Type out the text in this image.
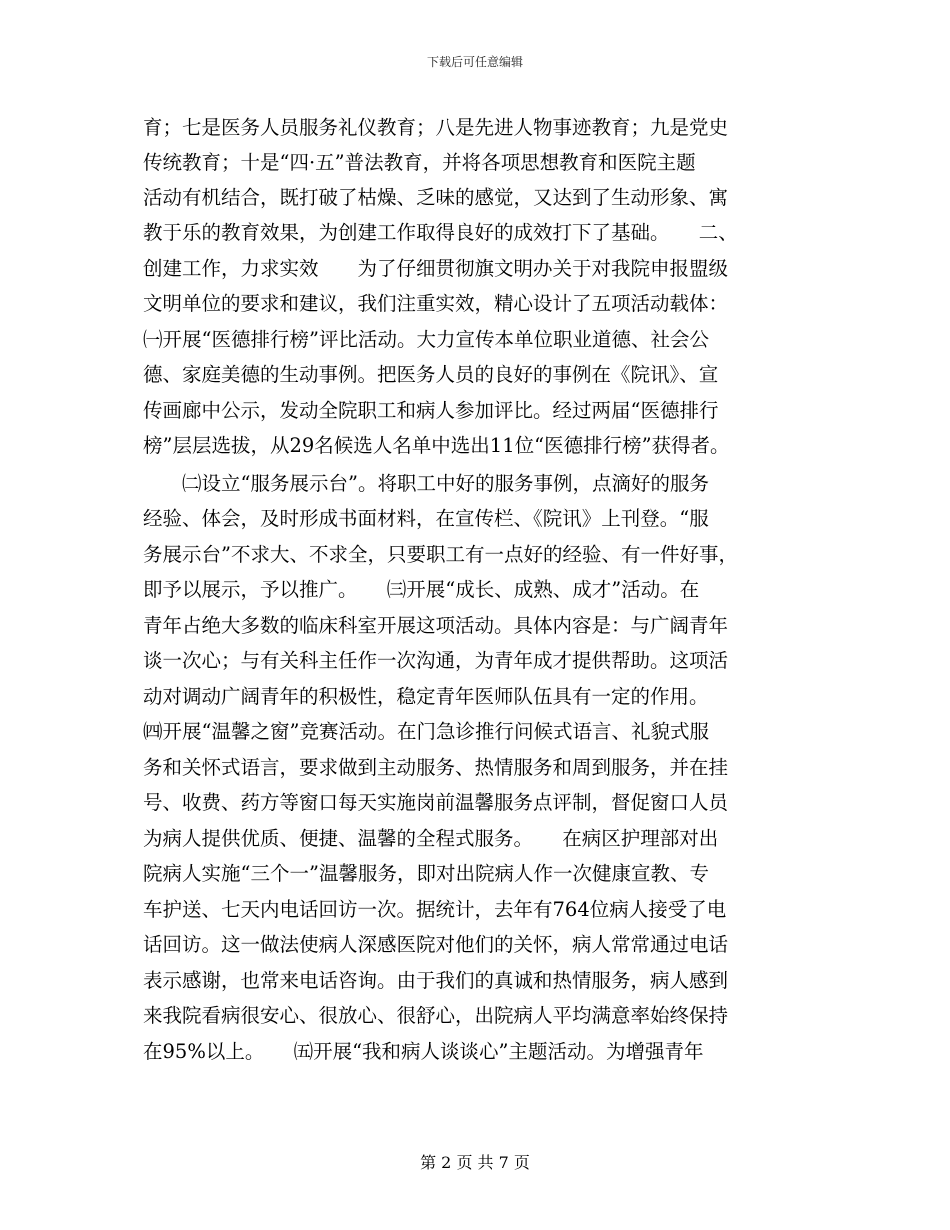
下载后可任意编辑
育；七是医务人员服务礼仪教育；八是先进人物事迹教育；九是党史
传统教育；十是“四·五”普法教育，并将各项思想教育和医院主题
活动有机结合，既打破了枯燥、乏味的感觉，又达到了生动形象、寓
教于乐的教育效果，为创建工作取得良好的成效打下了基础。　　二、
创建工作，力求实效　　为了仔细贯彻旗文明办关于对我院申报盟级
文明单位的要求和建议，我们注重实效，精心设计了五项活动载体：
㈠开展“医德排行榜”评比活动。大力宣传本单位职业道德、社会公
德、家庭美德的生动事例。把医务人员的良好的事例在《院讯》、宣
传画廊中公示，发动全院职工和病人参加评比。经过两届“医德排行
榜”层层选拔，从29名候选人名单中选出11位“医德排行榜”获得者。
　　㈡设立“服务展示台”。将职工中好的服务事例，点滴好的服务
经验、体会，及时形成书面材料，在宣传栏、《院讯》上刊登。“服
务展示台”不求大、不求全，只要职工有一点好的经验、有一件好事，
即予以展示，予以推广。　　㈢开展“成长、成熟、成才”活动。在
青年占绝大多数的临床科室开展这项活动。具体内容是：与广阔青年
谈一次心；与有关科主任作一次沟通，为青年成才提供帮助。这项活
动对调动广阔青年的积极性，稳定青年医师队伍具有一定的作用。
㈣开展“温馨之窗”竞赛活动。在门急诊推行问候式语言、礼貌式服
务和关怀式语言，要求做到主动服务、热情服务和周到服务，并在挂
号、收费、药方等窗口每天实施岗前温馨服务点评制，督促窗口人员
为病人提供优质、便捷、温馨的全程式服务。　　在病区护理部对出
院病人实施“三个一”温馨服务，即对出院病人作一次健康宣教、专
车护送、七天内电话回访一次。据统计，去年有764位病人接受了电
话回访。这一做法使病人深感医院对他们的关怀，病人常常通过电话
表示感谢，也常来电话咨询。由于我们的真诚和热情服务，病人感到
来我院看病很安心、很放心、很舒心，出院病人平均满意率始终保持
在95%以上。　　㈤开展“我和病人谈谈心”主题活动。为增强青年
第 2 页 共 7 页
